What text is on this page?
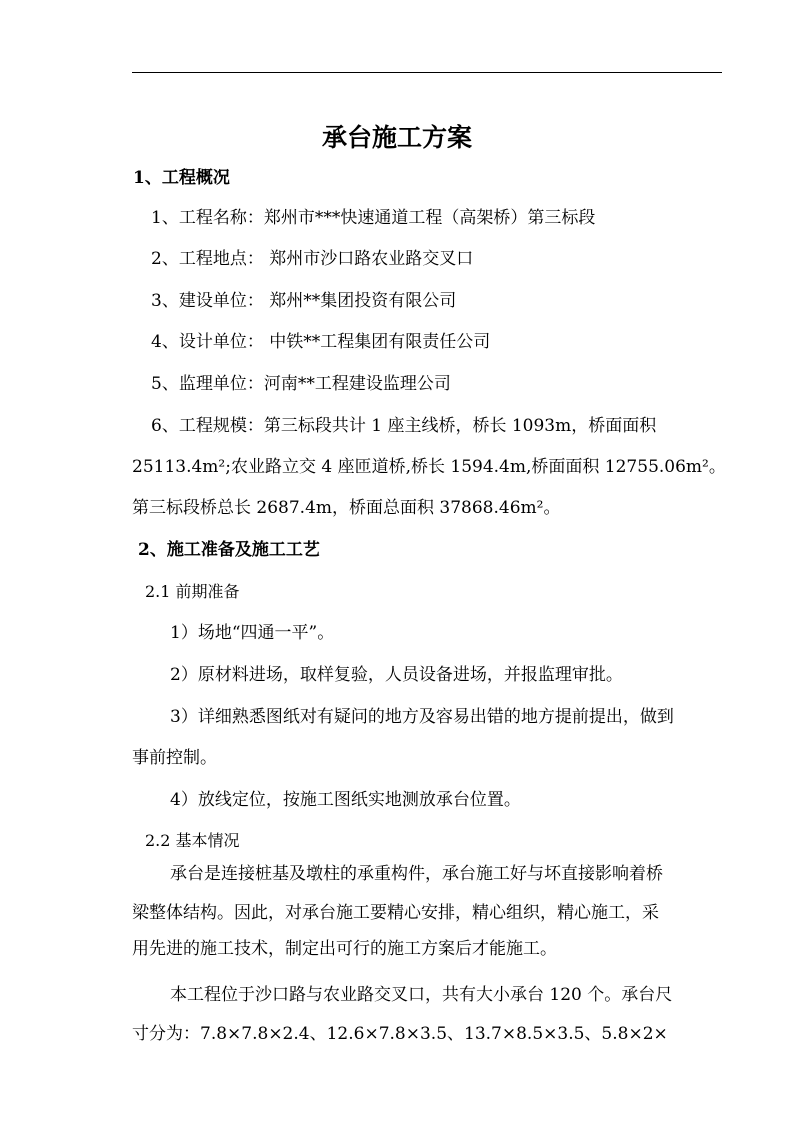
承台施工方案
1、工程概况
1、工程名称：郑州市***快速通道工程（高架桥）第三标段
2、工程地点： 郑州市沙口路农业路交叉口
3、建设单位： 郑州**集团投资有限公司
4、设计单位： 中铁**工程集团有限责任公司
5、监理单位：河南**工程建设监理公司
6、工程规模：第三标段共计 1 座主线桥，桥长 1093m，桥面面积
25113.4m²;农业路立交 4 座匝道桥,桥长 1594.4m,桥面面积 12755.06m²。
第三标段桥总长 2687.4m，桥面总面积 37868.46m²。
2、施工准备及施工工艺
2.1 前期准备
1）场地“四通一平”。
2）原材料进场，取样复验，人员设备进场，并报监理审批。
3）详细熟悉图纸对有疑问的地方及容易出错的地方提前提出，做到
事前控制。
4）放线定位，按施工图纸实地测放承台位置。
2.2 基本情况
承台是连接桩基及墩柱的承重构件，承台施工好与坏直接影响着桥
梁整体结构。因此，对承台施工要精心安排，精心组织，精心施工，采
用先进的施工技术，制定出可行的施工方案后才能施工。
本工程位于沙口路与农业路交叉口，共有大小承台 120 个。承台尺
寸分为：7.8×7.8×2.4、12.6×7.8×3.5、13.7×8.5×3.5、5.8×2×
